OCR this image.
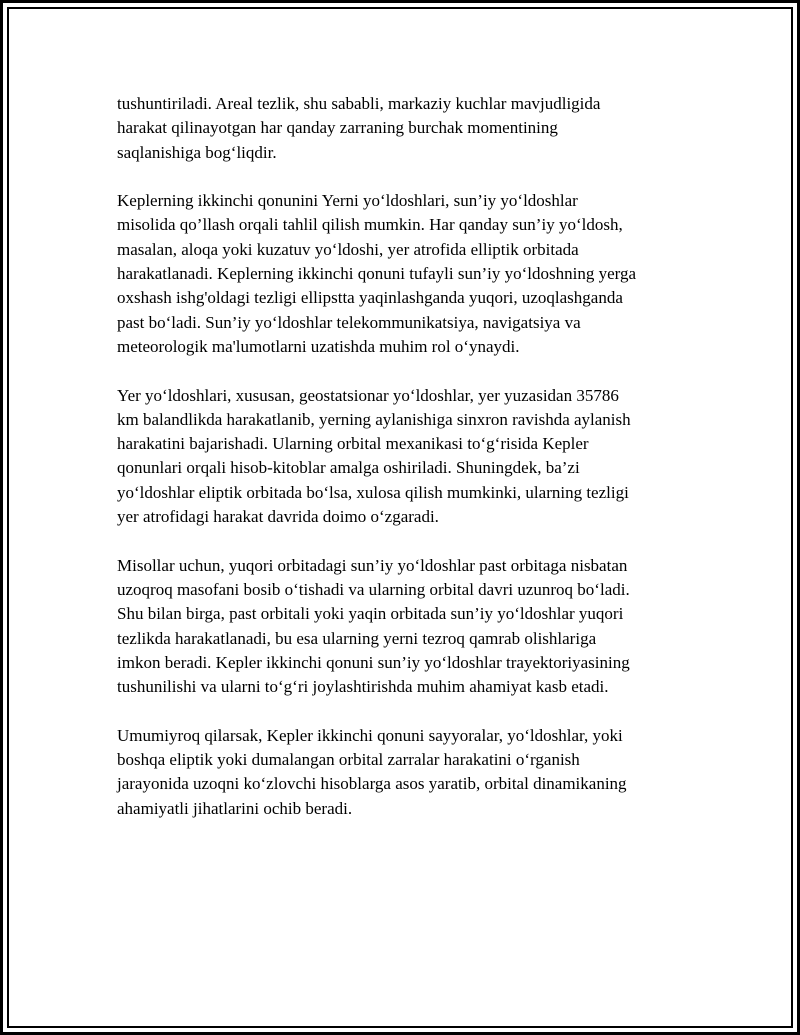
tushuntiriladi. Areal tezlik, shu sababli, markaziy kuchlar mavjudligida
harakat qilinayotgan har qanday zarraning burchak momentining
saqlanishiga bog‘liqdir.

Keplerning ikkinchi qonunini Yerni yo‘ldoshlari, sun’iy yo‘ldoshlar
misolida qo’llash orqali tahlil qilish mumkin. Har qanday sun’iy yo‘ldosh,
masalan, aloqa yoki kuzatuv yo‘ldoshi, yer atrofida elliptik orbitada
harakatlanadi. Keplerning ikkinchi qonuni tufayli sun’iy yo‘ldoshning yerga
oxshash ishg'oldagi tezligi ellipstta yaqinlashganda yuqori, uzoqlashganda
past bo‘ladi. Sun’iy yo‘ldoshlar telekommunikatsiya, navigatsiya va
meteorologik ma'lumotlarni uzatishda muhim rol o‘ynaydi.

Yer yo‘ldoshlari, xususan, geostatsionar yo‘ldoshlar, yer yuzasidan 35786
km balandlikda harakatlanib, yerning aylanishiga sinxron ravishda aylanish
harakatini bajarishadi. Ularning orbital mexanikasi to‘g‘risida Kepler
qonunlari orqali hisob-kitoblar amalga oshiriladi. Shuningdek, ba’zi
yo‘ldoshlar eliptik orbitada bo‘lsa, xulosa qilish mumkinki, ularning tezligi
yer atrofidagi harakat davrida doimo o‘zgaradi.

Misollar uchun, yuqori orbitadagi sun’iy yo‘ldoshlar past orbitaga nisbatan
uzoqroq masofani bosib o‘tishadi va ularning orbital davri uzunroq bo‘ladi.
Shu bilan birga, past orbitali yoki yaqin orbitada sun’iy yo‘ldoshlar yuqori
tezlikda harakatlanadi, bu esa ularning yerni tezroq qamrab olishlariga
imkon beradi. Kepler ikkinchi qonuni sun’iy yo‘ldoshlar trayektoriyasining
tushunilishi va ularni to‘g‘ri joylashtirishda muhim ahamiyat kasb etadi.

Umumiyroq qilarsak, Kepler ikkinchi qonuni sayyoralar, yo‘ldoshlar, yoki
boshqa eliptik yoki dumalangan orbital zarralar harakatini o‘rganish
jarayonida uzoqni ko‘zlovchi hisoblarga asos yaratib, orbital dinamikaning
ahamiyatli jihatlarini ochib beradi.
